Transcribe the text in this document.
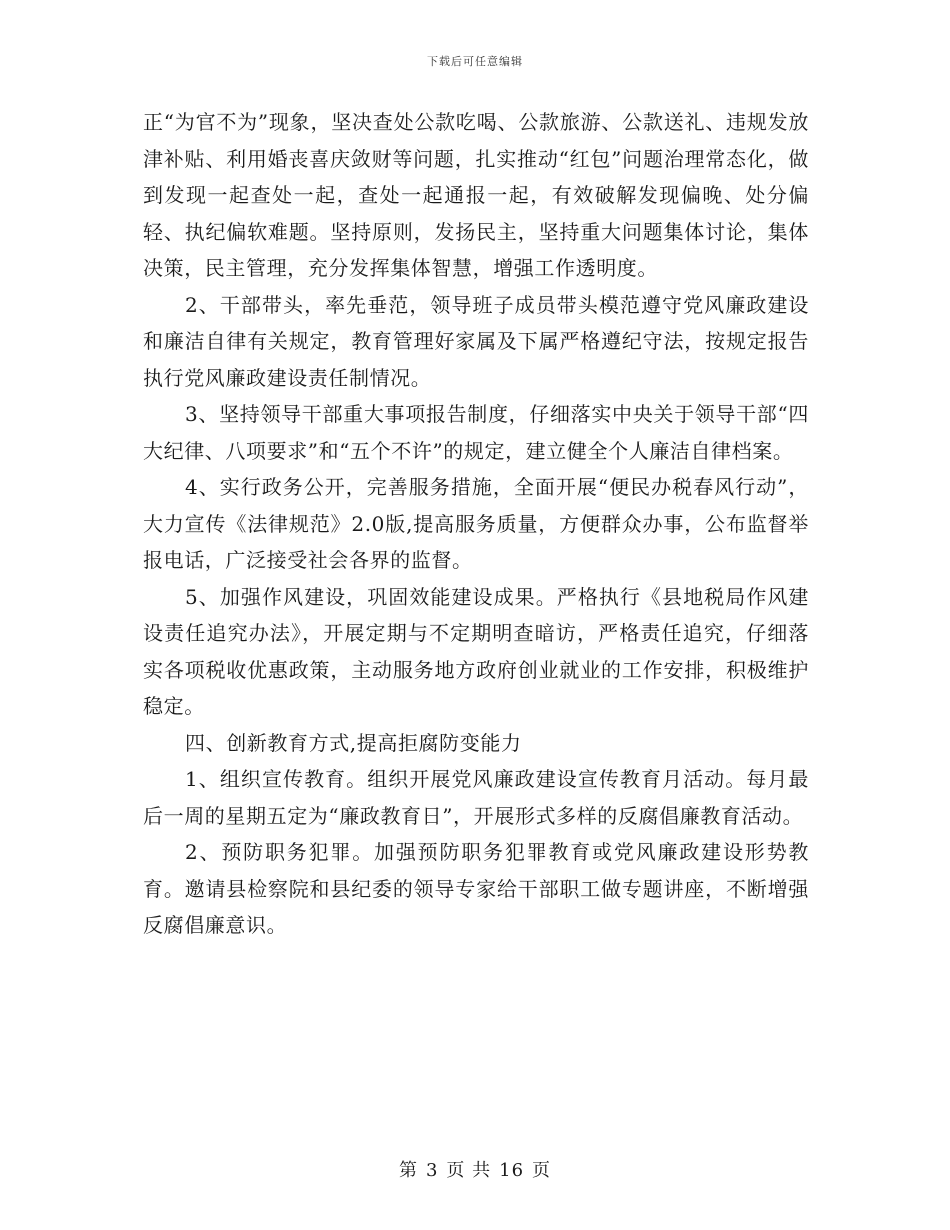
下载后可任意编辑

正“为官不为”现象，坚决查处公款吃喝、公款旅游、公款送礼、违规发放津补贴、利用婚丧喜庆敛财等问题，扎实推动“红包”问题治理常态化，做到发现一起查处一起，查处一起通报一起，有效破解发现偏晚、处分偏轻、执纪偏软难题。坚持原则，发扬民主，坚持重大问题集体讨论，集体决策，民主管理，充分发挥集体智慧，增强工作透明度。

2、干部带头，率先垂范，领导班子成员带头模范遵守党风廉政建设和廉洁自律有关规定，教育管理好家属及下属严格遵纪守法，按规定报告执行党风廉政建设责任制情况。

3、坚持领导干部重大事项报告制度，仔细落实中央关于领导干部“四大纪律、八项要求”和“五个不许”的规定，建立健全个人廉洁自律档案。

4、实行政务公开，完善服务措施，全面开展“便民办税春风行动”，大力宣传《法律规范》2.0版,提高服务质量，方便群众办事，公布监督举报电话，广泛接受社会各界的监督。

5、加强作风建设，巩固效能建设成果。严格执行《县地税局作风建设责任追究办法》，开展定期与不定期明查暗访，严格责任追究，仔细落实各项税收优惠政策，主动服务地方政府创业就业的工作安排，积极维护稳定。

四、创新教育方式,提高拒腐防变能力

1、组织宣传教育。组织开展党风廉政建设宣传教育月活动。每月最后一周的星期五定为“廉政教育日”，开展形式多样的反腐倡廉教育活动。

2、预防职务犯罪。加强预防职务犯罪教育或党风廉政建设形势教育。邀请县检察院和县纪委的领导专家给干部职工做专题讲座，不断增强反腐倡廉意识。

第 3 页 共 16 页
